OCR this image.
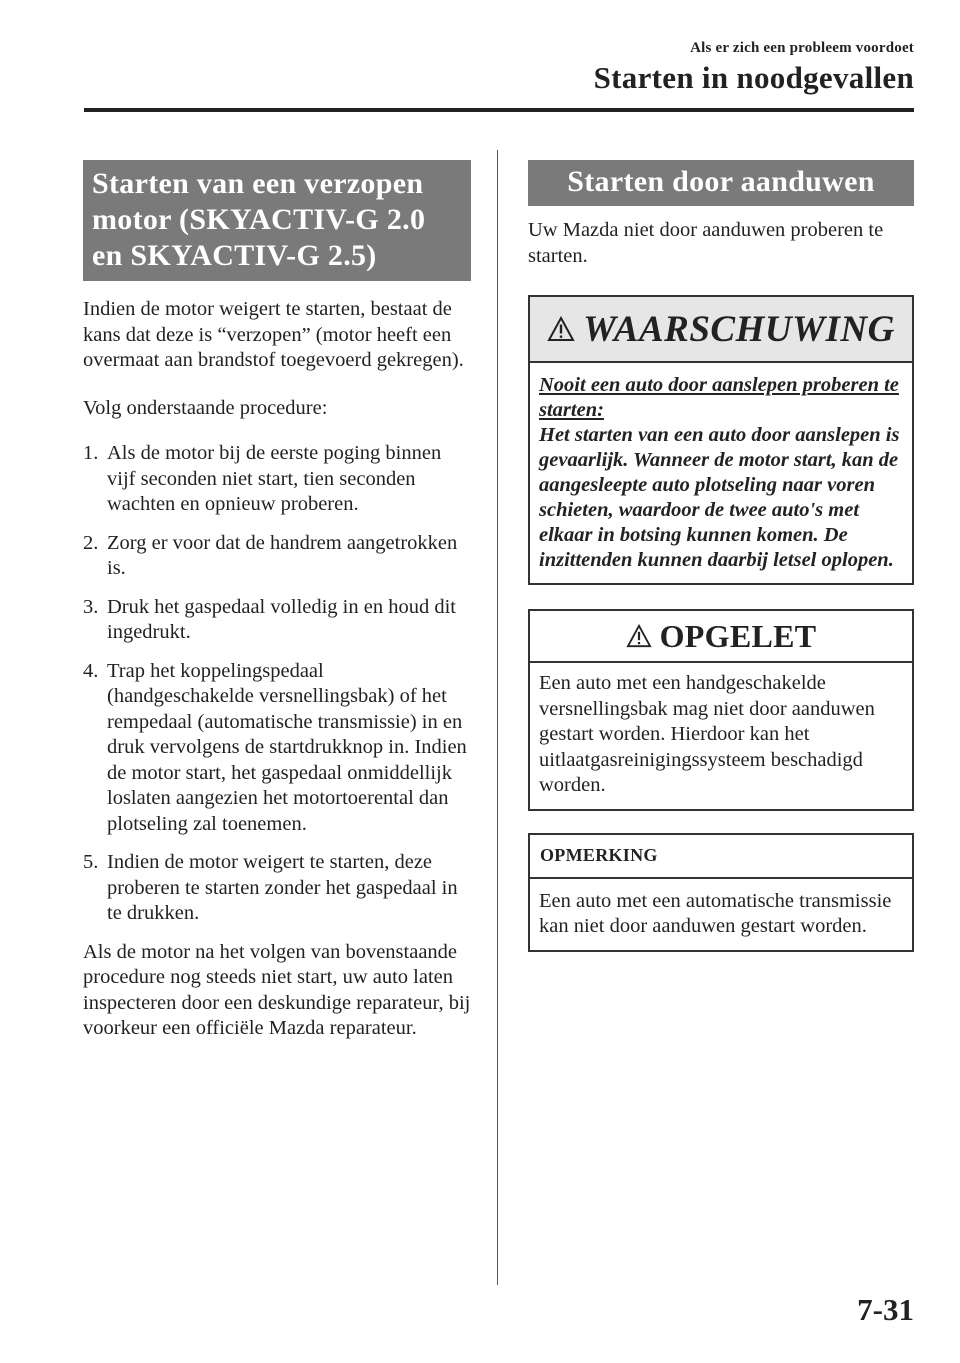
Als er zich een probleem voordoet
Starten in noodgevallen
Starten van een verzopen
motor (SKYACTIV-G 2.0
en SKYACTIV-G 2.5)

Indien de motor weigert te starten, bestaat de kans dat deze is “verzopen” (motor heeft een overmaat aan brandstof toegevoerd gekregen).

Volg onderstaande procedure:

1. Als de motor bij de eerste poging binnen vijf seconden niet start, tien seconden wachten en opnieuw proberen.
2. Zorg er voor dat de handrem aangetrokken is.
3. Druk het gaspedaal volledig in en houd dit ingedrukt.
4. Trap het koppelingspedaal (handgeschakelde versnellingsbak) of het rempedaal (automatische transmissie) in en druk vervolgens de startdrukknop in. Indien de motor start, het gaspedaal onmiddellijk loslaten aangezien het motortoerental dan plotseling zal toenemen.
5. Indien de motor weigert te starten, deze proberen te starten zonder het gaspedaal in te drukken.

Als de motor na het volgen van bovenstaande procedure nog steeds niet start, uw auto laten inspecteren door een deskundige reparateur, bij voorkeur een officiële Mazda reparateur.

Starten door aanduwen

Uw Mazda niet door aanduwen proberen te starten.

WAARSCHUWING

Nooit een auto door aanslepen proberen te starten:

Het starten van een auto door aanslepen is gevaarlijk. Wanneer de motor start, kan de aangesleepte auto plotseling naar voren schieten, waardoor de twee auto's met elkaar in botsing kunnen komen. De inzittenden kunnen daarbij letsel oplopen.

OPGELET

Een auto met een handgeschakelde versnellingsbak mag niet door aanduwen gestart worden. Hierdoor kan het uitlaatgasreinigingssysteem beschadigd worden.

OPMERKING

Een auto met een automatische transmissie kan niet door aanduwen gestart worden.

7-31
